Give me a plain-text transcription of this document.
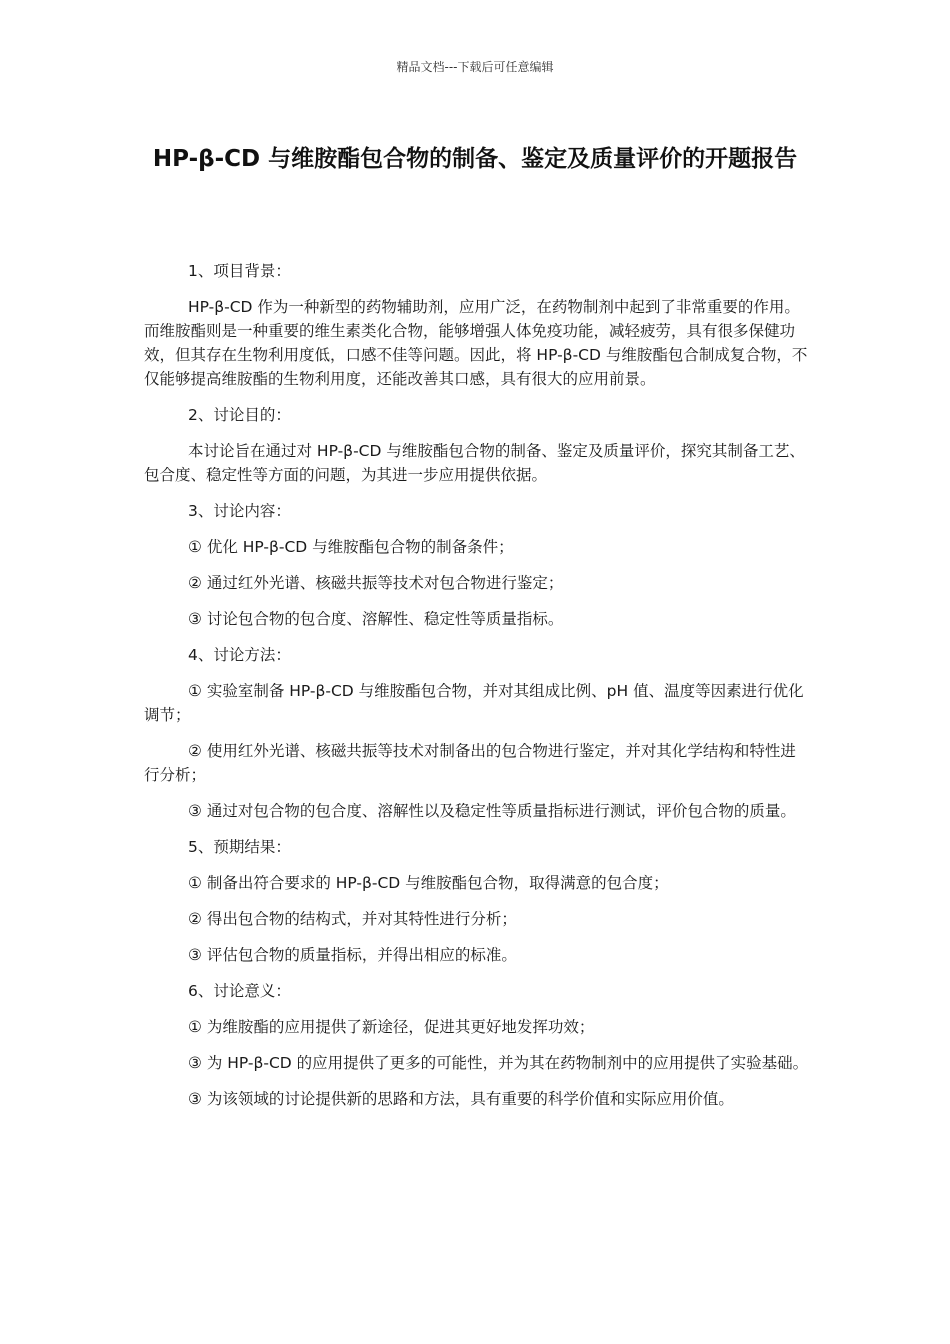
精品文档---下载后可任意编辑
HP-β-CD 与维胺酯包合物的制备、鉴定及质量评价的开题报告

1、项目背景：

HP-β-CD 作为一种新型的药物辅助剂，应用广泛，在药物制剂中起到了非常重要的作用。而维胺酯则是一种重要的维生素类化合物，能够增强人体免疫功能，减轻疲劳，具有很多保健功效，但其存在生物利用度低，口感不佳等问题。因此，将 HP-β-CD 与维胺酯包合制成复合物，不仅能够提高维胺酯的生物利用度，还能改善其口感，具有很大的应用前景。

2、讨论目的：

本讨论旨在通过对 HP-β-CD 与维胺酯包合物的制备、鉴定及质量评价，探究其制备工艺、包合度、稳定性等方面的问题，为其进一步应用提供依据。

3、讨论内容：

① 优化 HP-β-CD 与维胺酯包合物的制备条件；

② 通过红外光谱、核磁共振等技术对包合物进行鉴定；

③ 讨论包合物的包合度、溶解性、稳定性等质量指标。

4、讨论方法：

① 实验室制备 HP-β-CD 与维胺酯包合物，并对其组成比例、pH 值、温度等因素进行优化调节；

② 使用红外光谱、核磁共振等技术对制备出的包合物进行鉴定，并对其化学结构和特性进行分析；

③ 通过对包合物的包合度、溶解性以及稳定性等质量指标进行测试，评价包合物的质量。

5、预期结果：

① 制备出符合要求的 HP-β-CD 与维胺酯包合物，取得满意的包合度；

② 得出包合物的结构式，并对其特性进行分析；

③ 评估包合物的质量指标，并得出相应的标准。

6、讨论意义：

① 为维胺酯的应用提供了新途径，促进其更好地发挥功效；

③ 为 HP-β-CD 的应用提供了更多的可能性，并为其在药物制剂中的应用提供了实验基础。

③ 为该领域的讨论提供新的思路和方法，具有重要的科学价值和实际应用价值。
